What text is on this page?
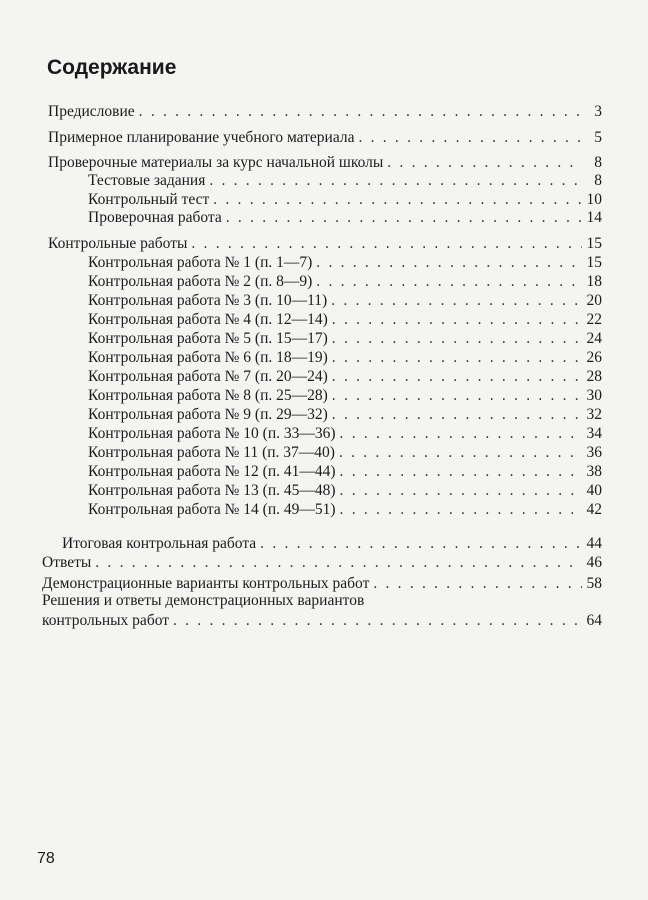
Содержание
Предисловие . . .	3
Примерное планирование учебного материала . . .	5
Проверочные материалы за курс начальной школы . . .	8
Тестовые задания . . .	8
Контрольный тест . . .	10
Проверочная работа . . .	14
Контрольные работы . . .	15
Контрольная работа № 1 (п. 1—7) . . .	15
Контрольная работа № 2 (п. 8—9) . . .	18
Контрольная работа № 3 (п. 10—11) . . .	20
Контрольная работа № 4 (п. 12—14) . . .	22
Контрольная работа № 5 (п. 15—17) . . .	24
Контрольная работа № 6 (п. 18—19) . . .	26
Контрольная работа № 7 (п. 20—24) . . .	28
Контрольная работа № 8 (п. 25—28) . . .	30
Контрольная работа № 9 (п. 29—32) . . .	32
Контрольная работа № 10 (п. 33—36) . . .	34
Контрольная работа № 11 (п. 37—40) . . .	36
Контрольная работа № 12 (п. 41—44) . . .	38
Контрольная работа № 13 (п. 45—48) . . .	40
Контрольная работа № 14 (п. 49—51) . . .	42
Итоговая контрольная работа . . .	44
Ответы . . .	46
Демонстрационные варианты контрольных работ . . .	58
Решения и ответы демонстрационных вариантов
контрольных работ . . .	64
78
